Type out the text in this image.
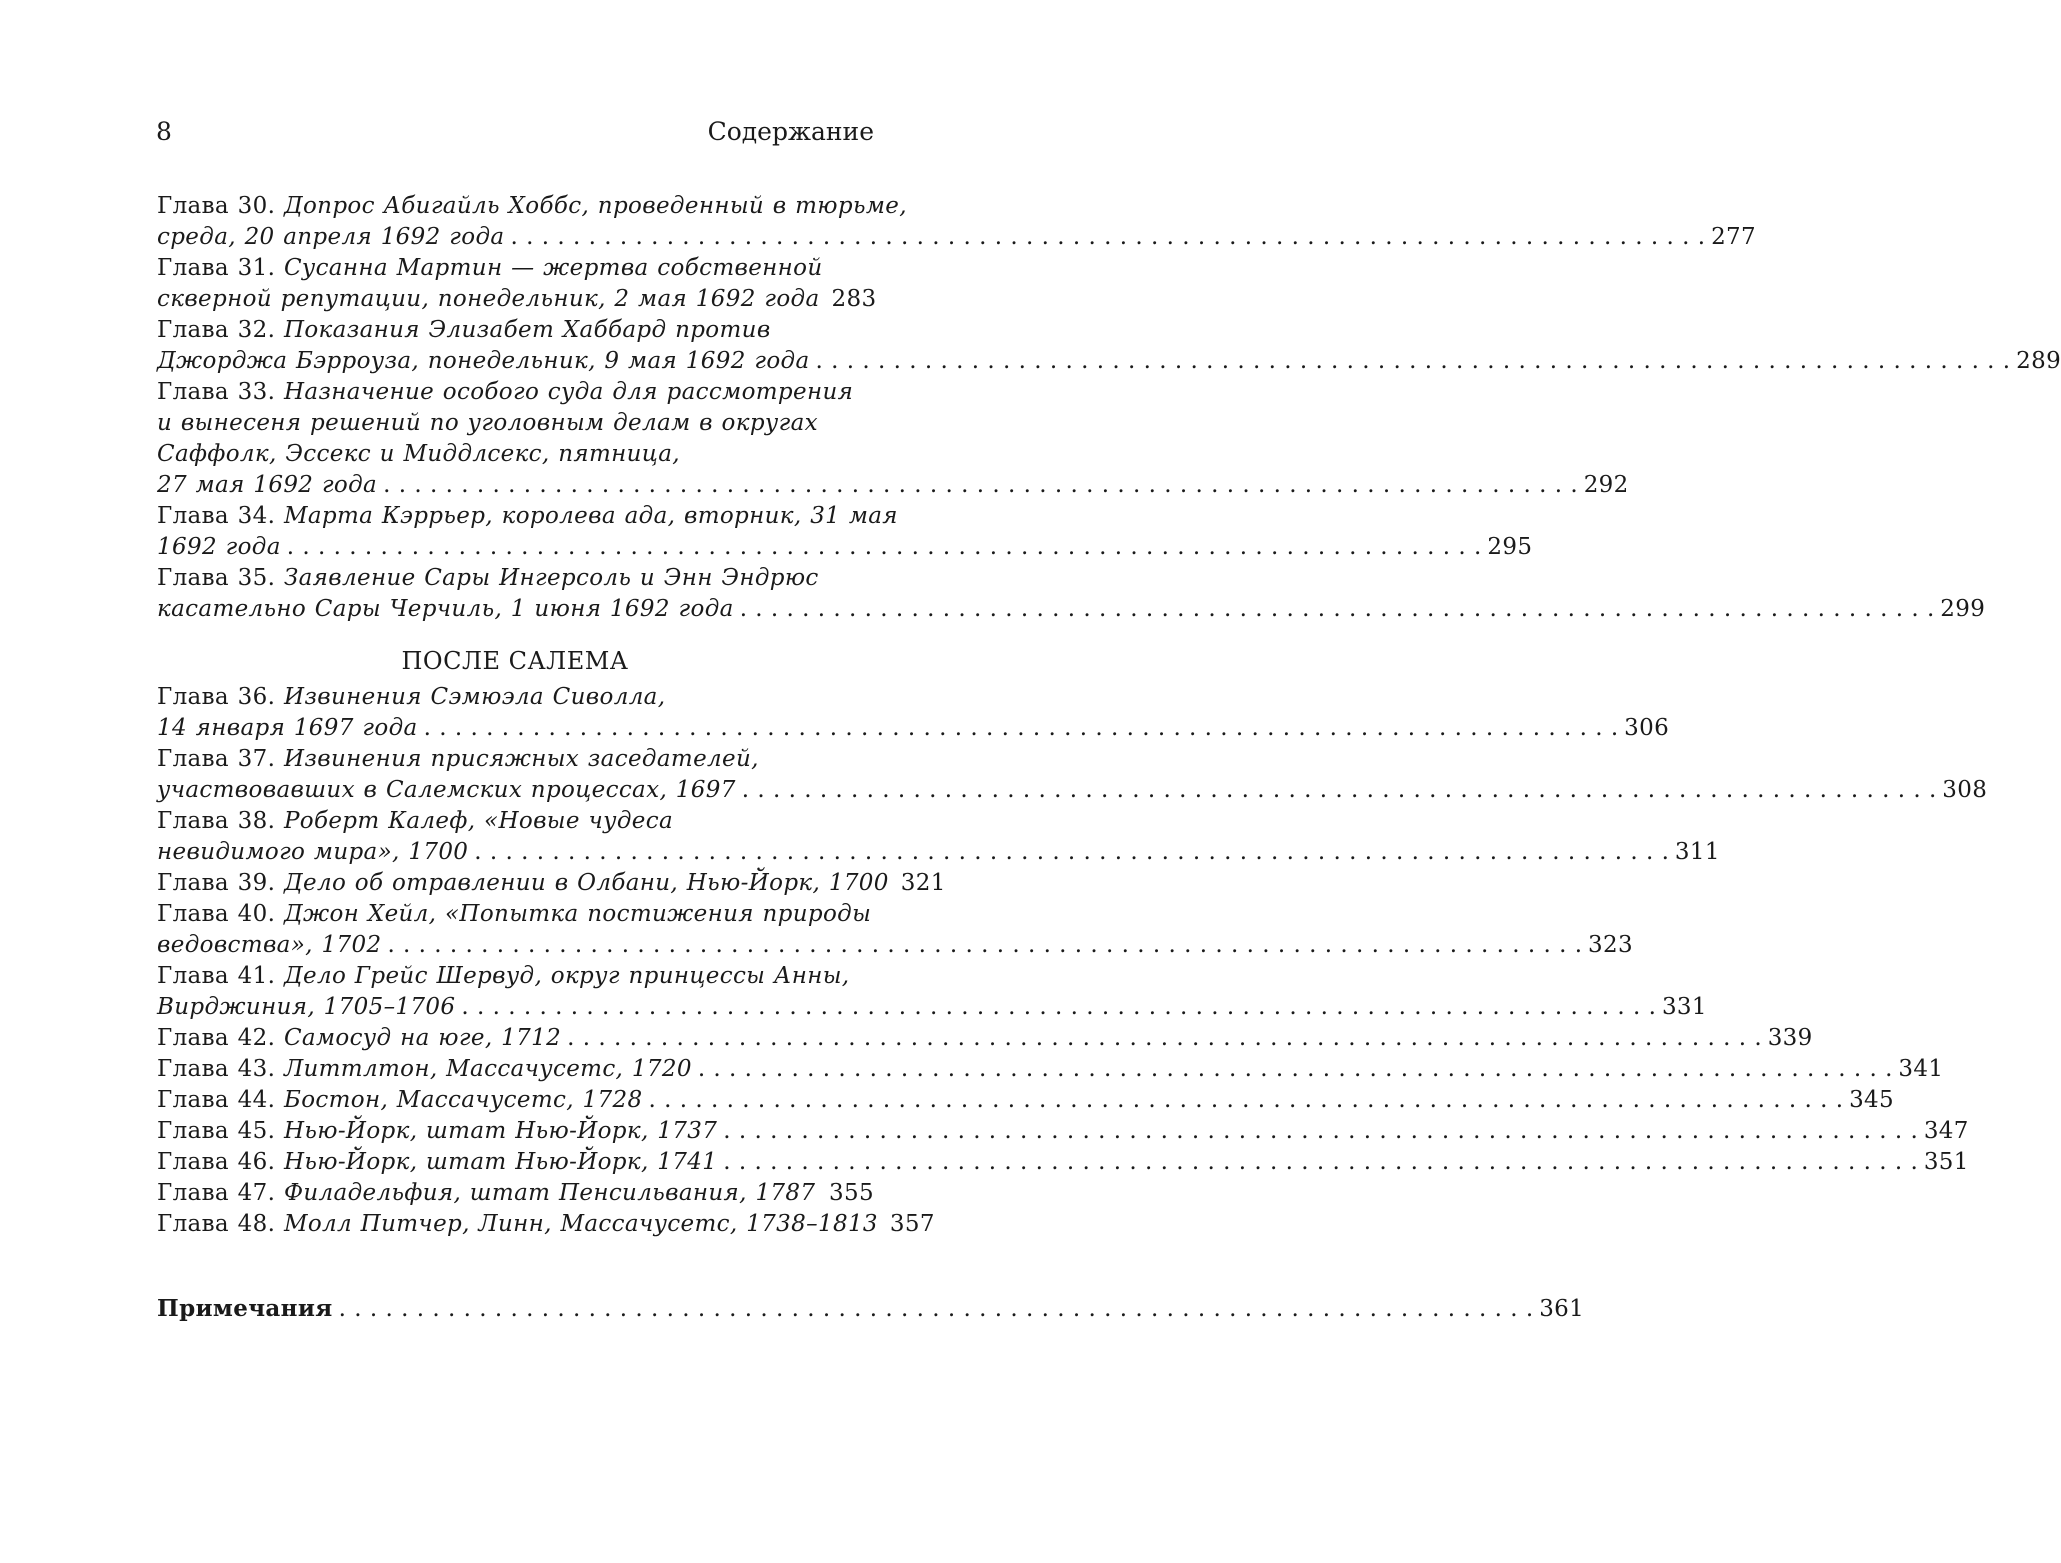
8	Содержание
Глава 30. Допрос Абигайль Хоббс, проведенный в тюрьме,
среда, 20 апреля 1692 года . . .	277
Глава 31. Сусанна Мартин — жертва собственной
скверной репутации, понедельник, 2 мая 1692 года 283
Глава 32. Показания Элизабет Хаббард против
Джорджа Бэрроуза, понедельник, 9 мая 1692 года . . .	289
Глава 33. Назначение особого суда для рассмотрения
и вынесеня решений по уголовным делам в округах
Саффолк, Эссекс и Миддлсекс, пятница,
27 мая 1692 года . . .	292
Глава 34. Марта Кэррьер, королева ада, вторник, 31 мая
1692 года . . .	295
Глава 35. Заявление Сары Ингерсоль и Энн Эндрюс
касательно Сары Черчиль, 1 июня 1692 года . . .	299
ПОСЛЕ САЛЕМА
Глава 36. Извинения Сэмюэла Сиволла,
14 января 1697 года . . .	306
Глава 37. Извинения присяжных заседателей,
участвовавших в Салемских процессах, 1697 . . .	308
Глава 38. Роберт Калеф, «Новые чудеса
невидимого мира», 1700 . . .	311
Глава 39. Дело об отравлении в Олбани, Нью-Йорк, 1700 321
Глава 40. Джон Хейл, «Попытка постижения природы
ведовства», 1702 . . .	323
Глава 41. Дело Грейс Шервуд, округ принцессы Анны,
Вирджиния, 1705–1706 . . .	331
Глава 42. Самосуд на юге, 1712 . . .	339
Глава 43. Литтлтон, Массачусетс, 1720 . . .	341
Глава 44. Бостон, Массачусетс, 1728 . . .	345
Глава 45. Нью-Йорк, штат Нью-Йорк, 1737 . . .	347
Глава 46. Нью-Йорк, штат Нью-Йорк, 1741 . . .	351
Глава 47. Филадельфия, штат Пенсильвания, 1787 . . . 355
Глава 48. Молл Питчер, Линн, Массачусетс, 1738–1813 357
Примечания . . .	361
